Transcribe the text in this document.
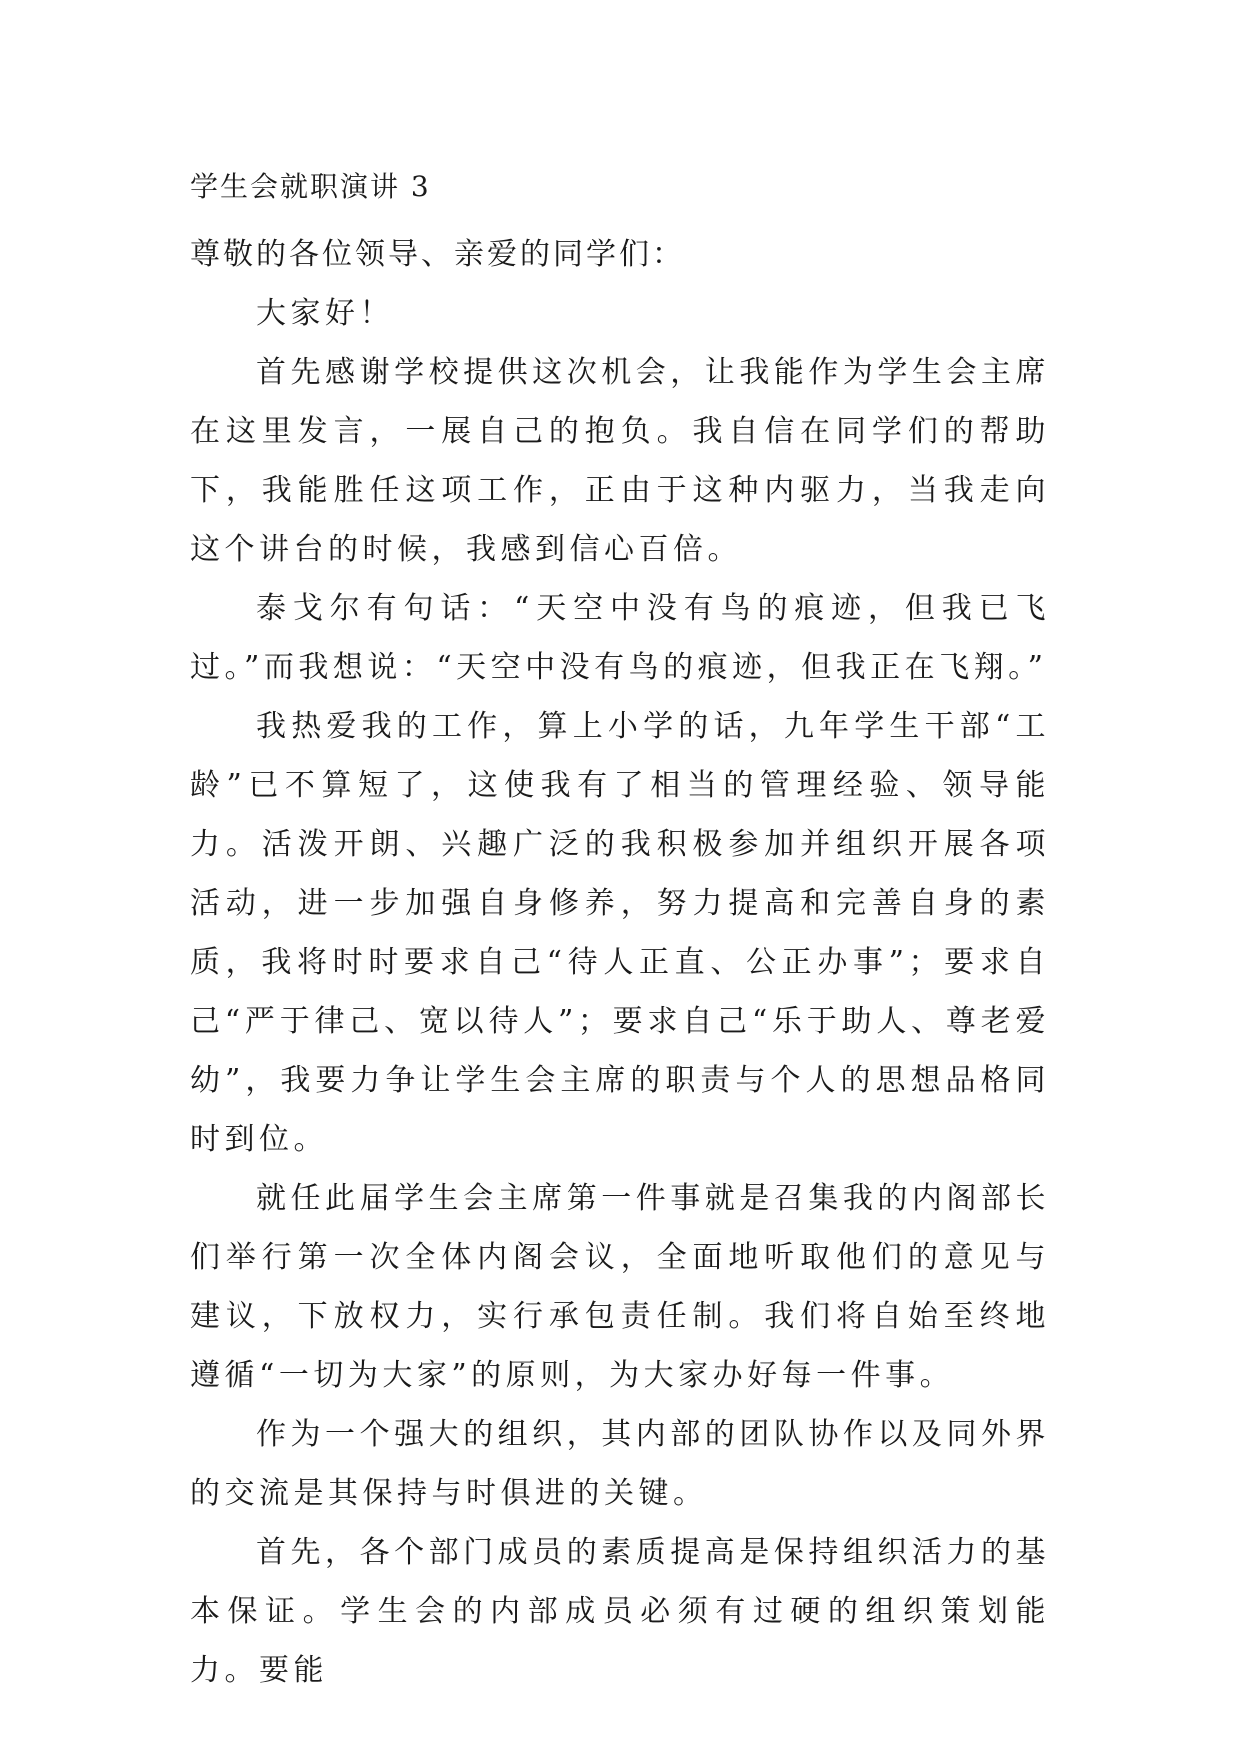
学生会就职演讲 3
尊敬的各位领导、亲爱的同学们：

大家好！

首先感谢学校提供这次机会，让我能作为学生会主席在这里发言，一展自己的抱负。我自信在同学们的帮助下，我能胜任这项工作，正由于这种内驱力，当我走向这个讲台的时候，我感到信心百倍。

泰戈尔有句话：“天空中没有鸟的痕迹，但我已飞过。”而我想说：“天空中没有鸟的痕迹，但我正在飞翔。”

我热爱我的工作，算上小学的话，九年学生干部“工龄”已不算短了，这使我有了相当的管理经验、领导能力。活泼开朗、兴趣广泛的我积极参加并组织开展各项活动，进一步加强自身修养，努力提高和完善自身的素质，我将时时要求自己“待人正直、公正办事”；要求自己“严于律己、宽以待人”；要求自己“乐于助人、尊老爱幼”，我要力争让学生会主席的职责与个人的思想品格同时到位。

就任此届学生会主席第一件事就是召集我的内阁部长们举行第一次全体内阁会议，全面地听取他们的意见与建议，下放权力，实行承包责任制。我们将自始至终地遵循“一切为大家”的原则，为大家办好每一件事。

作为一个强大的组织，其内部的团队协作以及同外界的交流是其保持与时俱进的关键。

首先，各个部门成员的素质提高是保持组织活力的基本保证。学生会的内部成员必须有过硬的组织策划能力。要能
